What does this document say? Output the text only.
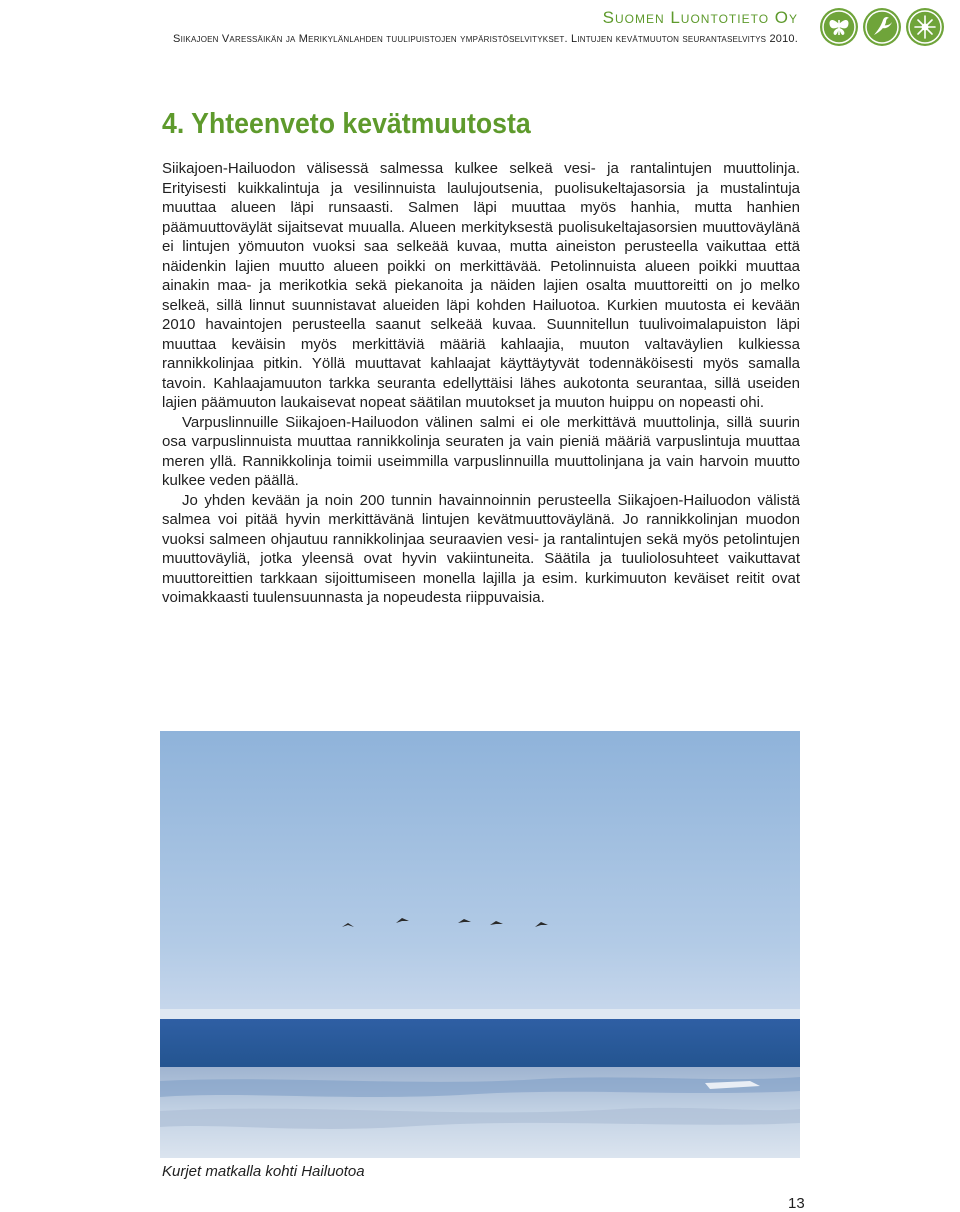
Suomen Luontotieto Oy
Siikajoen Varessäikän ja Merikylänlahden tuulipuistojen ympäristöselvitykset. Lintujen kevätmuuton seurantaselvitys 2010.
4. Yhteenveto kevätmuutosta

Siikajoen-Hailuodon välisessä salmessa kulkee selkeä vesi- ja rantalintujen muuttolinja. Erityisesti kuikkalintuja ja vesilinnuista laulujoutsenia, puolisukeltajasorsia ja mustalintuja muuttaa alueen läpi runsaasti. Salmen läpi muuttaa myös hanhia, mutta hanhien päämuuttoväylät sijaitsevat muualla. Alueen merkityksestä puolisukeltajasorsien muuttoväylänä ei lintujen yömuuton vuoksi saa selkeää kuvaa, mutta aineiston perusteella vaikuttaa että näidenkin lajien muutto alueen poikki on merkittävää. Petolinnuista alueen poikki muuttaa ainakin maa- ja merikotkia sekä piekanoita ja näiden lajien osalta muuttoreitti on jo melko selkeä, sillä linnut suunnistavat alueiden läpi kohden Hailuotoa. Kurkien muutosta ei kevään 2010 havaintojen perusteella saanut selkeää kuvaa. Suunnitellun tuulivoimalapuiston läpi muuttaa keväisin myös merkittäviä määriä kahlaajia, muuton valtaväylien kulkiessa rannikkolinjaa pitkin. Yöllä muuttavat kahlaajat käyttäytyvät todennäköisesti myös samalla tavoin. Kahlaajamuuton tarkka seuranta edellyttäisi lähes aukotonta seurantaa, sillä useiden lajien päämuuton laukaisevat nopeat säätilan muutokset ja muuton huippu on nopeasti ohi.

Varpuslinnuille Siikajoen-Hailuodon välinen salmi ei ole merkittävä muuttolinja, sillä suurin osa varpuslinnuista muuttaa rannikkolinja seuraten ja vain pieniä määriä varpuslintuja muuttaa meren yllä. Rannikkolinja toimii useimmilla varpuslinnuilla muuttolinjana ja vain harvoin muutto kulkee veden päällä.

Jo yhden kevään ja noin 200 tunnin havainnoinnin perusteella Siikajoen-Hailuodon välistä salmea voi pitää hyvin merkittävänä lintujen kevätmuuttoväylänä. Jo rannikkolinjan muodon vuoksi salmeen ohjautuu rannikkolinjaa seuraavien vesi- ja rantalintujen sekä myös petolintujen muuttoväyliä, jotka yleensä ovat hyvin vakiintuneita. Säätila ja tuuliolosuhteet vaikuttavat muuttoreittien tarkkaan sijoittumiseen monella lajilla ja esim. kurkimuuton keväiset reitit ovat voimakkaasti tuulensuunnasta ja nopeudesta riippuvaisia.

Kurjet matkalla kohti Hailuotoa
13
